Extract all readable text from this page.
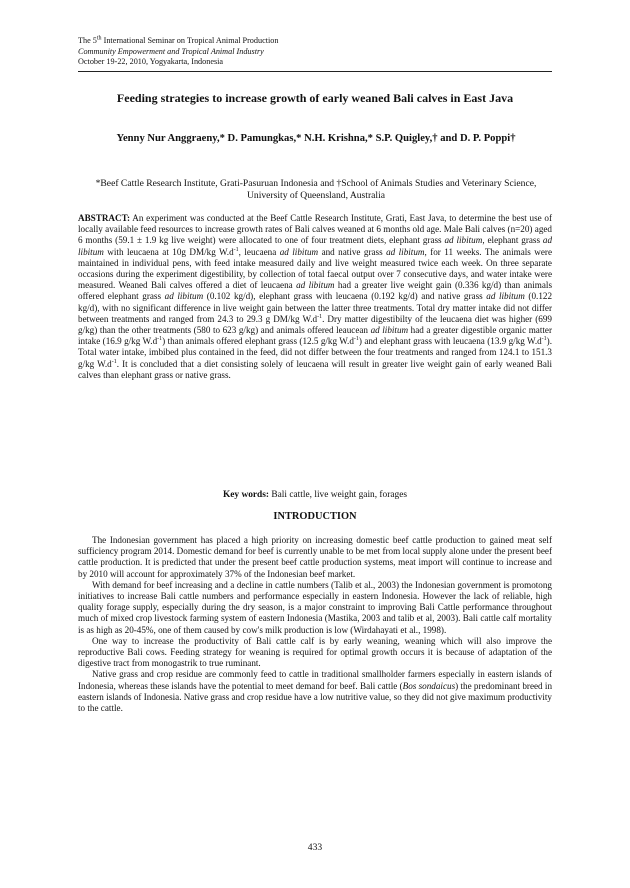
The 5th International Seminar on Tropical Animal Production
Community Empowerment and Tropical Animal Industry
October 19-22, 2010, Yogyakarta, Indonesia
Feeding strategies to increase growth of early weaned Bali calves in East Java
Yenny Nur Anggraeny,* D. Pamungkas,* N.H. Krishna,* S.P. Quigley,† and D. P. Poppi†
*Beef Cattle Research Institute, Grati-Pasuruan Indonesia and †School of Animals Studies and Veterinary Science, University of Queensland, Australia
ABSTRACT: An experiment was conducted at the Beef Cattle Research Institute, Grati, East Java, to determine the best use of locally available feed resources to increase growth rates of Bali calves weaned at 6 months old age. Male Bali calves (n=20) aged 6 months (59.1 ± 1.9 kg live weight) were allocated to one of four treatment diets, elephant grass ad libitum, elephant grass ad libitum with leucaena at 10g DM/kg $W.d^{-1}$, leucaena ad libitum and native grass ad libitum, for 11 weeks. The animals were maintained in individual pens, with feed intake measured daily and live weight measured twice each week. On three separate occasions during the experiment digestibility, by collection of total faecal output over 7 consecutive days, and water intake were measured. Weaned Bali calves offered a diet of leucaena ad libitum had a greater live weight gain (0.336 kg/d) than animals offered elephant grass ad libitum (0.102 kg/d), elephant grass with leucaena (0.192 kg/d) and native grass ad libitum (0.122 kg/d), with no significant difference in live weight gain between the latter three treatments. Total dry matter intake did not differ between treatments and ranged from 24.3 to 29.3 g DM/kg $W.d^{-1}$. Dry matter digestibilty of the leucaena diet was higher (699 g/kg) than the other treatments (580 to 623 g/kg) and animals offered leaucean ad libitum had a greater digestible organic matter intake (16.9 g/kg $W.d^{-1}$) than animals offered elephant grass (12.5 g/kg $W.d^{-1}$) and elephant grass with leucaena (13.9 g/kg $W.d^{-1}$). Total water intake, imbibed plus contained in the feed, did not differ between the four treatments and ranged from 124.1 to 151.3 g/kg $W.d^{-1}$. It is concluded that a diet consisting solely of leucaena will result in greater live weight gain of early weaned Bali calves than elephant grass or native grass.
Key words: Bali cattle, live weight gain, forages
INTRODUCTION

The Indonesian government has placed a high priority on increasing domestic beef cattle production to gained meat self sufficiency program 2014. Domestic demand for beef is currently unable to be met from local supply alone under the present beef cattle production. It is predicted that under the present beef cattle production systems, meat import will continue to increase and by 2010 will account for approximately 37% of the Indonesian beef market.

With demand for beef increasing and a decline in cattle numbers (Talib et al., 2003) the Indonesian government is promotong initiatives to increase Bali cattle numbers and performance especially in eastern Indonesia. However the lack of reliable, high quality forage supply, especially during the dry season, is a major constraint to improving Bali Cattle performance throughout much of mixed crop livestock farming system of eastern Indonesia (Mastika, 2003 and talib et al, 2003). Bali cattle calf mortality is as high as 20-45%, one of them caused by cow's milk production is low (Wirdahayati et al., 1998).

One way to increase the productivity of Bali cattle calf is by early weaning, weaning which will also improve the reproductive Bali cows. Feeding strategy for weaning is required for optimal growth occurs it is because of adaptation of the digestive tract from monogastrik to true ruminant.

Native grass and crop residue are commonly feed to cattle in traditional smallholder farmers especially in eastern islands of Indonesia, whereas these islands have the potential to meet demand for beef. Bali cattle (Bos sondaicus) the predominant breed in eastern islands of Indonesia. Native grass and crop residue have a low nutritive value, so they did not give maximum productivity to the cattle.

433
